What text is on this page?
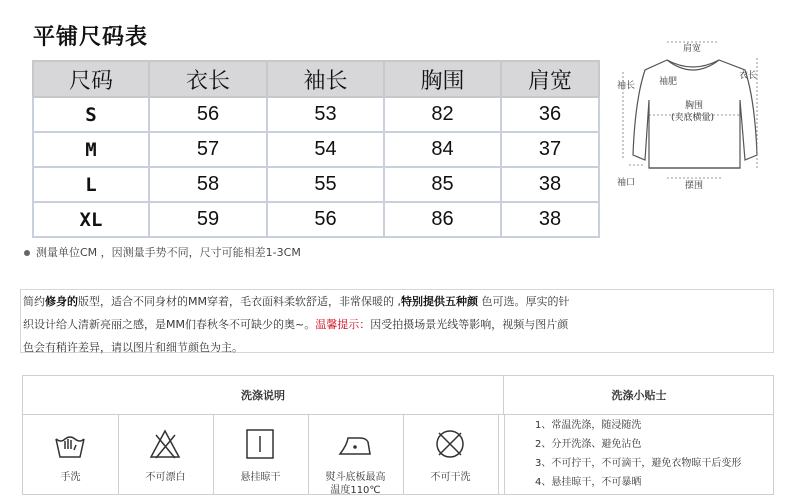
平铺尺码表
尺码	衣长	袖长	胸围	肩宽
S	56	53	82	36
M	57	54	84	37
L	58	55	85	38
XL	59	56	86	38
肩宽
袖长
衣长
袖肥
胸围
(夹底横量)
袖口	摆围
测量单位CM ，因测量手势不同，尺寸可能相差1-3CM

简约修身的版型，适合不同身材的MM穿着，毛衣面料柔软舒适，非常保暖的 ,特别提供五种颜 色可选。厚实的针

织设计给人清新亮丽之感，是MM们春秋冬不可缺少的奥~。温馨提示：因受拍摄场景光线等影响，视频与图片颜

色会有稍许差异，请以图片和细节颜色为主。

洗涤说明	洗涤小贴士
手洗	不可漂白	悬挂晾干	熨斗底板最高
温度110℃
不可干洗
1、常温洗涤，随浸随洗
2、分开洗涤、避免沾色
3、不可拧干，不可滴干，避免衣物晾干后变形
4、悬挂晾干，不可暴晒
